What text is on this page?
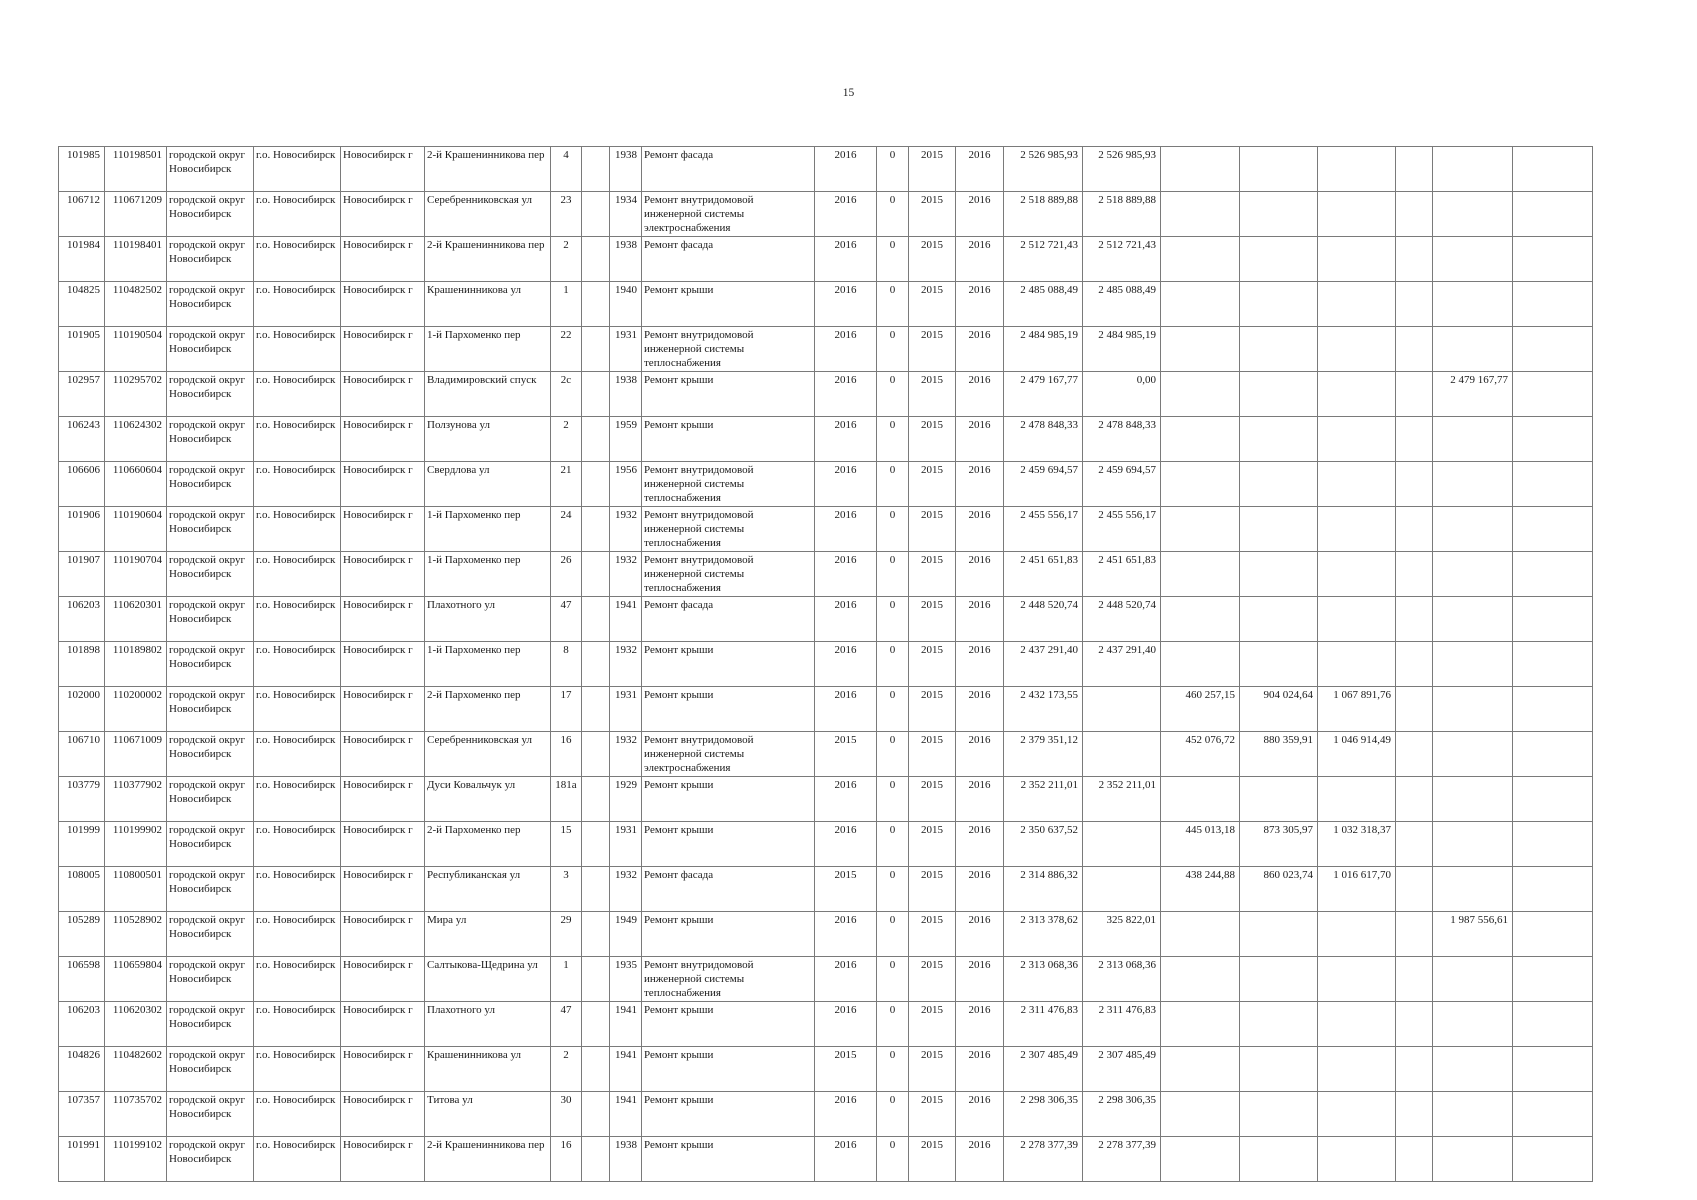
15
101985	110198501	городской округ Новосибирск	г.о. Новосибирск	Новосибирск г	2-й Крашенинникова пер	4		1938	Ремонт фасада	2016	0	2015	2016	2 526 985,93	2 526 985,93						
106712	110671209	городской округ Новосибирск	г.о. Новосибирск	Новосибирск г	Серебренниковская ул	23		1934	Ремонт внутридомовой инженерной системы электроснабжения	2016	0	2015	2016	2 518 889,88	2 518 889,88						
101984	110198401	городской округ Новосибирск	г.о. Новосибирск	Новосибирск г	2-й Крашенинникова пер	2		1938	Ремонт фасада	2016	0	2015	2016	2 512 721,43	2 512 721,43						
104825	110482502	городской округ Новосибирск	г.о. Новосибирск	Новосибирск г	Крашенинникова ул	1		1940	Ремонт крыши	2016	0	2015	2016	2 485 088,49	2 485 088,49						
101905	110190504	городской округ Новосибирск	г.о. Новосибирск	Новосибирск г	1-й Пархоменко пер	22		1931	Ремонт внутридомовой инженерной системы теплоснабжения	2016	0	2015	2016	2 484 985,19	2 484 985,19						
102957	110295702	городской округ Новосибирск	г.о. Новосибирск	Новосибирск г	Владимировский спуск	2с		1938	Ремонт крыши	2016	0	2015	2016	2 479 167,77	0,00					2 479 167,77	
106243	110624302	городской округ Новосибирск	г.о. Новосибирск	Новосибирск г	Ползунова ул	2		1959	Ремонт крыши	2016	0	2015	2016	2 478 848,33	2 478 848,33						
106606	110660604	городской округ Новосибирск	г.о. Новосибирск	Новосибирск г	Свердлова ул	21		1956	Ремонт внутридомовой инженерной системы теплоснабжения	2016	0	2015	2016	2 459 694,57	2 459 694,57						
101906	110190604	городской округ Новосибирск	г.о. Новосибирск	Новосибирск г	1-й Пархоменко пер	24		1932	Ремонт внутридомовой инженерной системы теплоснабжения	2016	0	2015	2016	2 455 556,17	2 455 556,17						
101907	110190704	городской округ Новосибирск	г.о. Новосибирск	Новосибирск г	1-й Пархоменко пер	26		1932	Ремонт внутридомовой инженерной системы теплоснабжения	2016	0	2015	2016	2 451 651,83	2 451 651,83						
106203	110620301	городской округ Новосибирск	г.о. Новосибирск	Новосибирск г	Плахотного ул	47		1941	Ремонт фасада	2016	0	2015	2016	2 448 520,74	2 448 520,74						
101898	110189802	городской округ Новосибирск	г.о. Новосибирск	Новосибирск г	1-й Пархоменко пер	8		1932	Ремонт крыши	2016	0	2015	2016	2 437 291,40	2 437 291,40						
102000	110200002	городской округ Новосибирск	г.о. Новосибирск	Новосибирск г	2-й Пархоменко пер	17		1931	Ремонт крыши	2016	0	2015	2016	2 432 173,55		460 257,15	904 024,64	1 067 891,76			
106710	110671009	городской округ Новосибирск	г.о. Новосибирск	Новосибирск г	Серебренниковская ул	16		1932	Ремонт внутридомовой инженерной системы электроснабжения	2015	0	2015	2016	2 379 351,12		452 076,72	880 359,91	1 046 914,49			
103779	110377902	городской округ Новосибирск	г.о. Новосибирск	Новосибирск г	Дуси Ковальчук ул	181а		1929	Ремонт крыши	2016	0	2015	2016	2 352 211,01	2 352 211,01						
101999	110199902	городской округ Новосибирск	г.о. Новосибирск	Новосибирск г	2-й Пархоменко пер	15		1931	Ремонт крыши	2016	0	2015	2016	2 350 637,52		445 013,18	873 305,97	1 032 318,37			
108005	110800501	городской округ Новосибирск	г.о. Новосибирск	Новосибирск г	Республиканская ул	3		1932	Ремонт фасада	2015	0	2015	2016	2 314 886,32		438 244,88	860 023,74	1 016 617,70			
105289	110528902	городской округ Новосибирск	г.о. Новосибирск	Новосибирск г	Мира ул	29		1949	Ремонт крыши	2016	0	2015	2016	2 313 378,62	325 822,01					1 987 556,61	
106598	110659804	городской округ Новосибирск	г.о. Новосибирск	Новосибирск г	Салтыкова-Щедрина ул	1		1935	Ремонт внутридомовой инженерной системы теплоснабжения	2016	0	2015	2016	2 313 068,36	2 313 068,36						
106203	110620302	городской округ Новосибирск	г.о. Новосибирск	Новосибирск г	Плахотного ул	47		1941	Ремонт крыши	2016	0	2015	2016	2 311 476,83	2 311 476,83						
104826	110482602	городской округ Новосибирск	г.о. Новосибирск	Новосибирск г	Крашенинникова ул	2		1941	Ремонт крыши	2015	0	2015	2016	2 307 485,49	2 307 485,49						
107357	110735702	городской округ Новосибирск	г.о. Новосибирск	Новосибирск г	Титова ул	30		1941	Ремонт крыши	2016	0	2015	2016	2 298 306,35	2 298 306,35						
101991	110199102	городской округ Новосибирск	г.о. Новосибирск	Новосибирск г	2-й Крашенинникова пер	16		1938	Ремонт крыши	2016	0	2015	2016	2 278 377,39	2 278 377,39						
